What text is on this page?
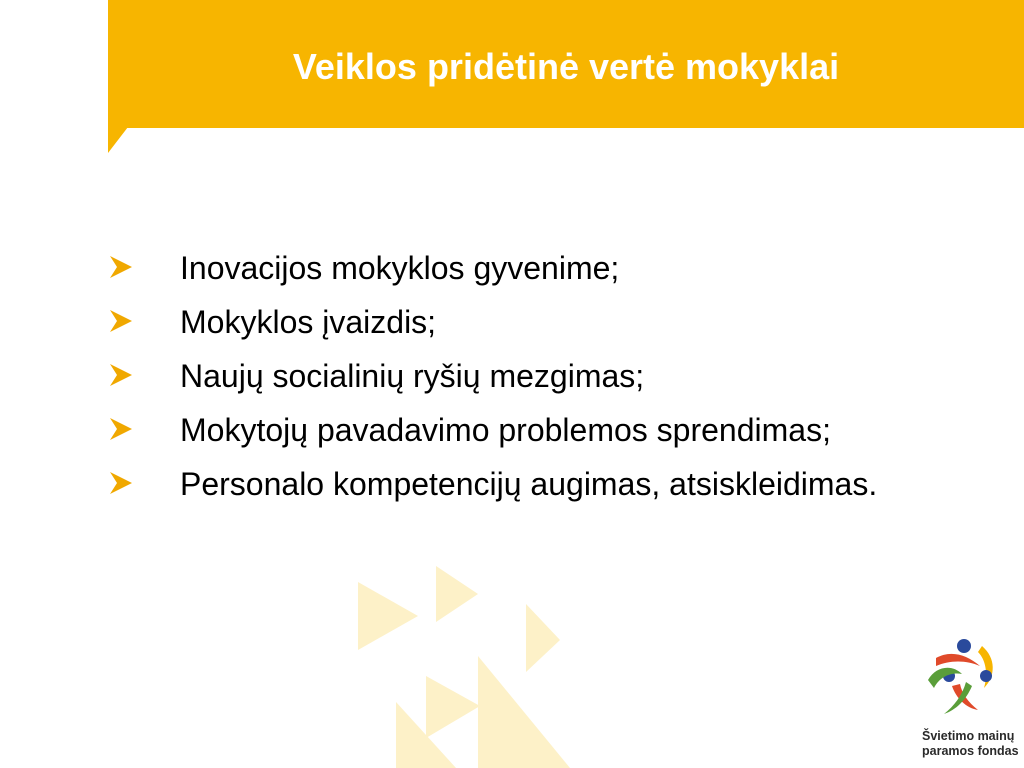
Veiklos pridėtinė vertė mokyklai
Inovacijos mokyklos gyvenime;
Mokyklos įvaizdis;
Naujų socialinių ryšių mezgimas;
Mokytojų pavadavimo problemos sprendimas;
Personalo kompetencijų augimas, atsiskleidimas.
Švietimo mainų
paramos fondas
